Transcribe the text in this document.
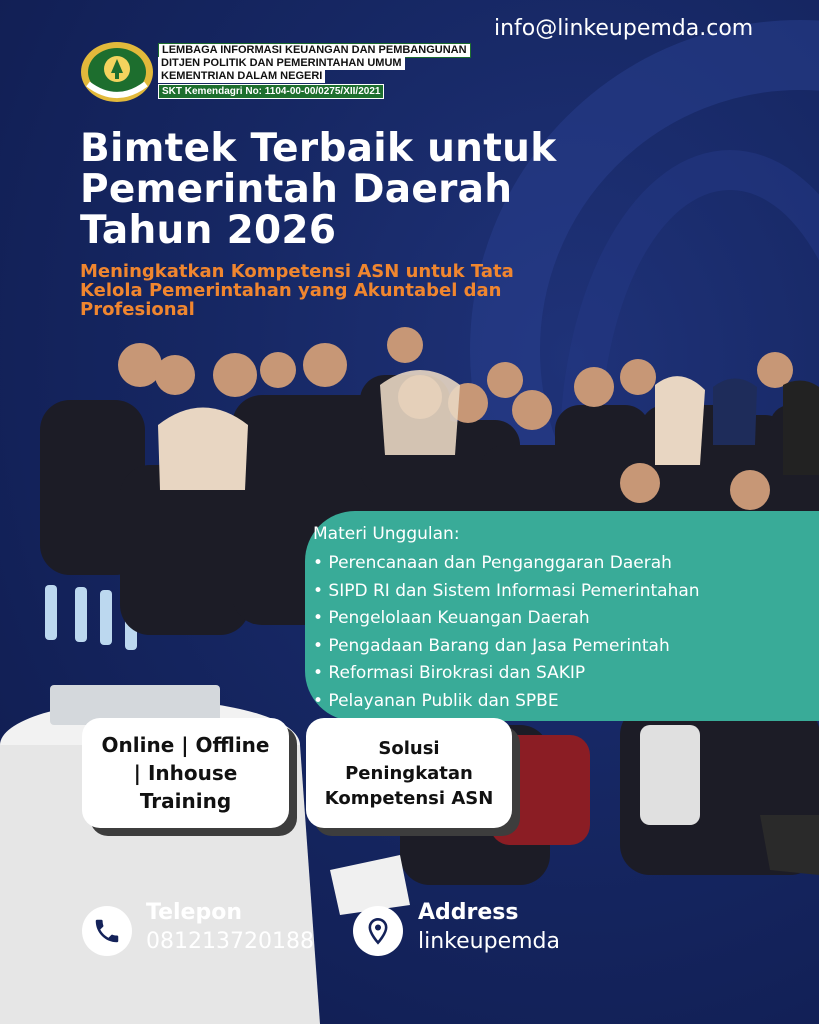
info@linkeupemda.com
LEMBAGA INFORMASI KEUANGAN DAN PEMBANGUNAN
DITJEN POLITIK DAN PEMERINTAHAN UMUM
KEMENTRIAN DALAM NEGERI
SKT Kemendagri No: 1104-00-00/0275/XII/2021
Bimtek Terbaik untuk
Pemerintah Daerah
Tahun 2026

Meningkatkan Kompetensi ASN untuk Tata
Kelola Pemerintahan yang Akuntabel dan
Profesional

Materi Unggulan:
• Perencanaan dan Penganggaran Daerah
• SIPD RI dan Sistem Informasi Pemerintahan
• Pengelolaan Keuangan Daerah
• Pengadaan Barang dan Jasa Pemerintah
• Reformasi Birokrasi dan SAKIP
• Pelayanan Publik dan SPBE
Online | Offline
| Inhouse
Training
Solusi
Peningkatan
Kompetensi ASN
Telepon
081213720188
Address
linkeupemda
